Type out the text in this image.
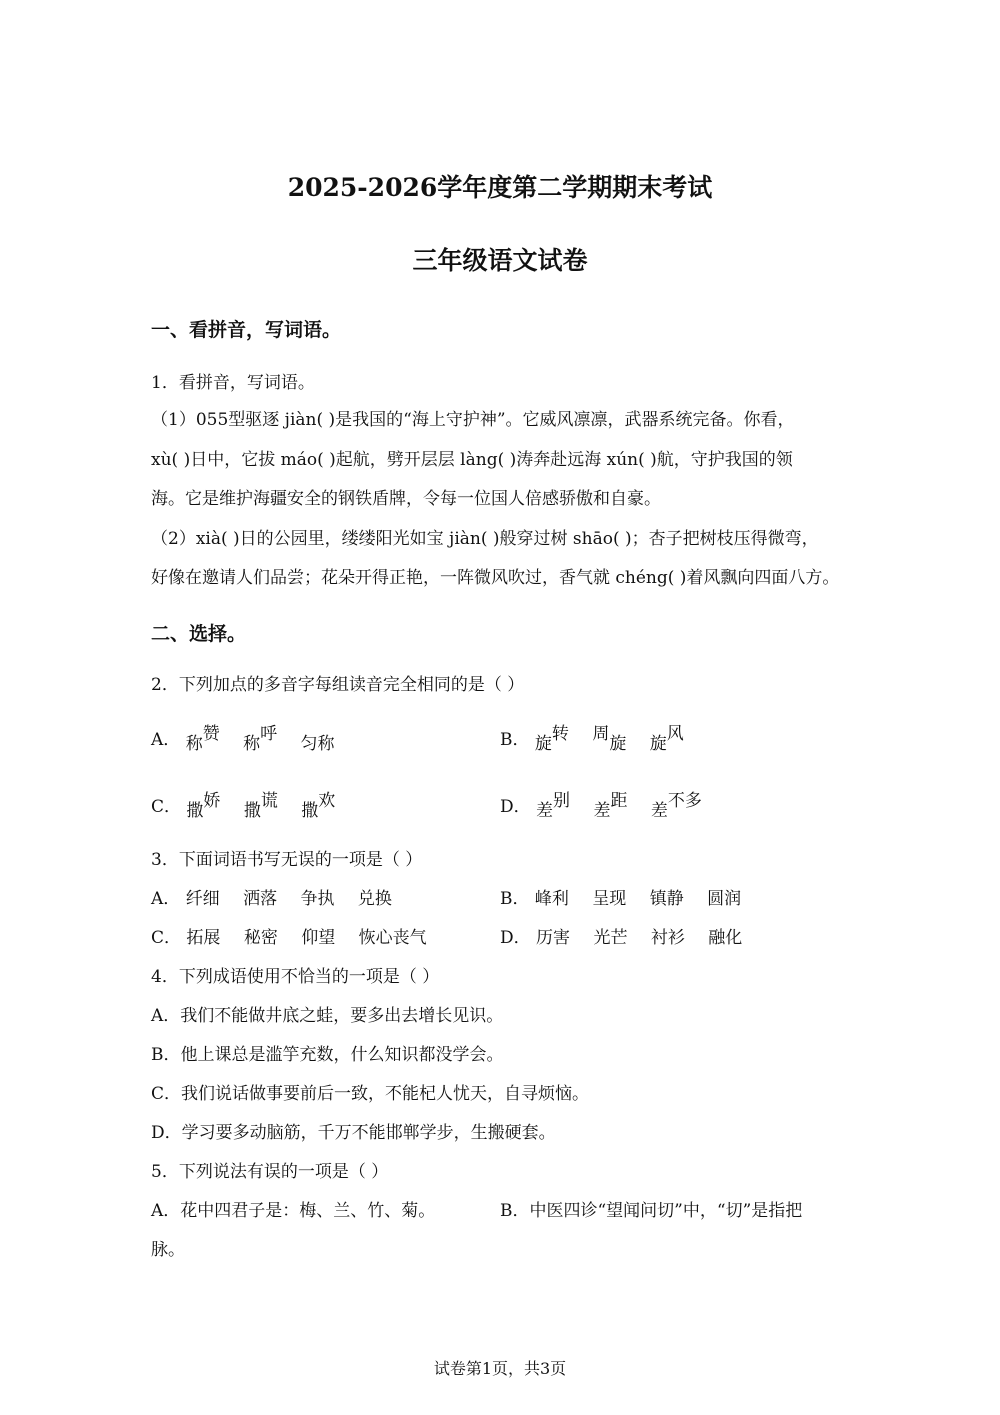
2025-2026学年度第二学期期末考试
三年级语文试卷
一、看拼音，写词语。
1．看拼音，写词语。

（1）055型驱逐 jiàn( )是我国的“海上守护神”。它威风凛凛，武器系统完备。你看，

xù( )日中，它拔 máo( )起航，劈开层层 làng( )涛奔赴远海 xún( )航，守护我国的领

海。它是维护海疆安全的钢铁盾牌，令每一位国人倍感骄傲和自豪。

（2）xià( )日的公园里，缕缕阳光如宝 jiàn( )般穿过树 shāo( )；杏子把树枝压得微弯，

好像在邀请人们品尝；花朵开得正艳，一阵微风吹过，香气就 chéng( )着风飘向四面八方。

二、选择。
2．下列加点的多音字每组读音完全相同的是（ ）
A． 称赞 称呼 匀称	B． 旋转 周旋 旋风
C． 撒娇 撒谎 撒欢	D． 差别 差距 差不多
3．下面词语书写无误的一项是（ ）
A． 纤细 洒落 争执 兑换	B． 峰利 呈现 镇静 圆润
C． 拓展 秘密 仰望 恢心丧气	D． 历害 光芒 衬衫 融化
4．下列成语使用不恰当的一项是（ ）
A．我们不能做井底之蛙，要多出去增长见识。
B．他上课总是滥竽充数，什么知识都没学会。
C．我们说话做事要前后一致，不能杞人忧天，自寻烦恼。
D．学习要多动脑筋，千万不能邯郸学步，生搬硬套。
5．下列说法有误的一项是（ ）
A．花中四君子是：梅、兰、竹、菊。	B．中医四诊“望闻问切”中，“切”是指把
脉。
试卷第1页，共3页
